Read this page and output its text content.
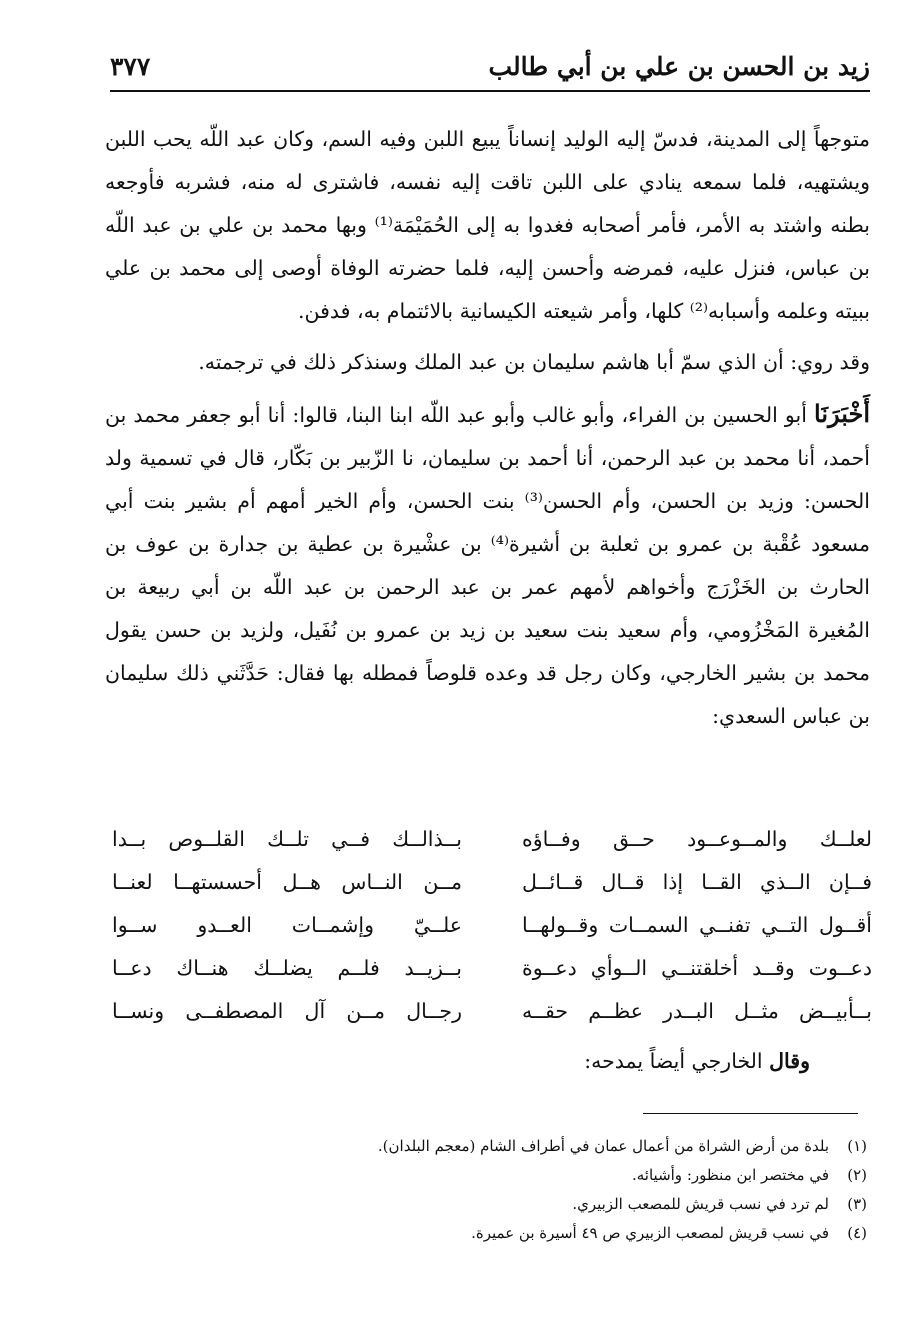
زيد بن الحسن بن علي بن أبي طالب
٣٧٧

متوجهاً إلى المدينة، فدسّ إليه الوليد إنساناً يبيع اللبن وفيه السم، وكان عبد اللّه يحب اللبن ويشتهيه، فلما سمعه ينادي على اللبن تاقت إليه نفسه، فاشترى له منه، فشربه فأوجعه بطنه واشتد به الأمر، فأمر أصحابه فغدوا به إلى الحُمَيْمَة⁽¹⁾ وبها محمد بن علي بن عبد اللّه بن عباس، فنزل عليه، فمرضه وأحسن إليه، فلما حضرته الوفاة أوصى إلى محمد بن علي ببيته وعلمه وأسبابه⁽²⁾ كلها، وأمر شيعته الكيسانية بالائتمام به، فدفن.

وقد روي: أن الذي سمّ أبا هاشم سليمان بن عبد الملك وسنذكر ذلك في ترجمته.

أَخْبَرَنَا أبو الحسين بن الفراء، وأبو غالب وأبو عبد اللّه ابنا البنا، قالوا: أنا أبو جعفر محمد بن أحمد، أنا محمد بن عبد الرحمن، أنا أحمد بن سليمان، نا الزّبير بن بَكّار، قال في تسمية ولد الحسن: وزيد بن الحسن، وأم الحسن⁽³⁾ بنت الحسن، وأم الخير أمهم أم بشير بنت أبي مسعود عُقْبة بن عمرو بن ثعلبة بن أشيرة⁽⁴⁾ بن عشْيرة بن عطية بن جدارة بن عوف بن الحارث بن الخَزْرَج وأخواهم لأمهم عمر بن عبد الرحمن بن عبد اللّه بن أبي ربيعة بن المُغيرة المَخْزُومي، وأم سعيد بنت سعيد بن زيد بن عمرو بن نُفَيل، ولزيد بن حسن يقول محمد بن بشير الخارجي، وكان رجل قد وعده قلوصاً فمطله بها فقال: حَدَّثَني ذلك سليمان بن عباس السعدي:

لعلــك والمــوعــود حــق وفــاؤه
بــذالــك فــي تلــك القلــوص بــدا
فــإن الــذي القــا إذا قــال قــائــل
مــن النــاس هــل أحسستهــا لعنــا
أقــول التــي تفنــي السمــات وقــولهــا
علــيّ وإشمــات العــدو ســوا
دعــوت وقــد أخلقتنــي الــوأي دعــوة
بــزيــد فلــم يضلــك هنــاك دعــا
بــأبيــض مثــل البــدر عظــم حقــه
رجــال مــن آل المصطفــى ونســا
وقال الخارجي أيضاً يمدحه:
(١)بلدة من أرض الشراة من أعمال عمان في أطراف الشام (معجم البلدان).
(٢)في مختصر ابن منظور: وأشيائه.
(٣)لم ترد في نسب قريش للمصعب الزبيري.
(٤)في نسب قريش لمصعب الزبيري ص ٤٩ أسيرة بن عميرة.
